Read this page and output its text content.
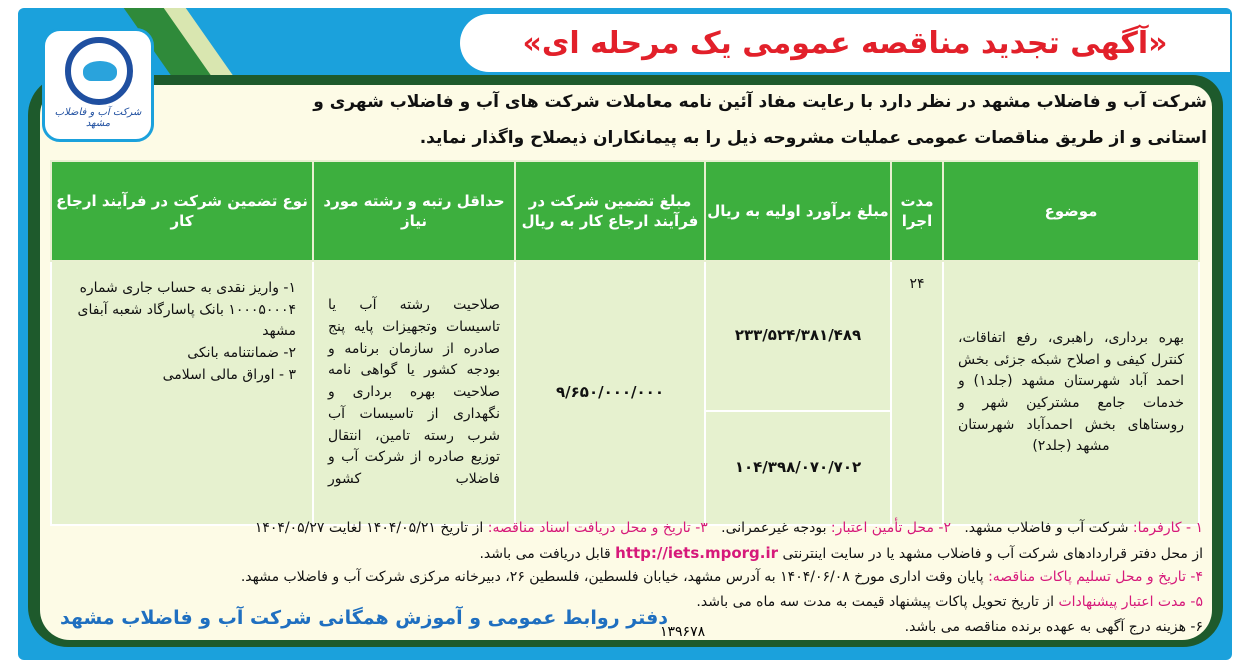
«آگهی تجدید مناقصه عمومی یک مرحله ای»
شرکت آب و فاضلاب مشهد
شرکت آب و فاضلاب مشهد در نظر دارد با رعایت مفاد آئین نامه معاملات شرکت های آب و فاضلاب شهری و
استانی و از طریق مناقصات عمومی عملیات مشروحه ذیل را به پیمانکاران ذیصلاح واگذار نماید.
موضوع	مدت اجرا	مبلغ برآورد اولیه به ریال	مبلغ تضمین شرکت در فرآیند ارجاع کار به ریال	حداقل رتبه و رشته مورد نیاز	نوع تضمین شرکت در فرآیند ارجاع کار
بهره برداری، راهبری، رفع اتفاقات، کنترل کیفی و اصلاح شبکه جزئی بخش احمد آباد شهرستان مشهد (جلد۱) و خدمات جامع مشترکین شهر و روستاهای بخش احمدآباد شهرستان مشهد (جلد۲)	۲۴	۲۳۳/۵۲۴/۳۸۱/۴۸۹	۹/۶۵۰/۰۰۰/۰۰۰	صلاحیت رشته آب یا تاسیسات وتجهیزات پایه پنج صادره از سازمان برنامه و بودجه کشور یا گواهی نامه صلاحیت بهره برداری و نگهداری از تاسیسات آب شرب رسته تامین، انتقال توزیع صادره از شرکت آب و فاضلاب کشور	۱- واریز نقدی به حساب جاری شماره ۱۰۰۰۵۰۰۰۴ بانک پاسارگاد شعبه آبفای مشهد
۲- ضمانتنامه بانکی
۳ - اوراق مالی اسلامی

		۱۰۴/۳۹۸/۰۷۰/۷۰۲			
۱ - کارفرما: شرکت آب و فاضلاب مشهد.   ۲- محل تأمین اعتبار: بودجه غیرعمرانی.   ۳- تاریخ و محل دریافت اسناد مناقصه: از تاریخ ۱۴۰۴/۰۵/۲۱ لغایت ۱۴۰۴/۰۵/۲۷
از محل دفتر قراردادهای شرکت آب و فاضلاب مشهد یا در سایت اینترنتی http://iets.mporg.ir قابل دریافت می باشد.
۴- تاریخ و محل تسلیم پاکات مناقصه: پایان وقت اداری مورخ ۱۴۰۴/۰۶/۰۸ به آدرس مشهد، خیابان فلسطین، فلسطین ۲۶، دبیرخانه مرکزی شرکت آب و فاضلاب مشهد.
۵- مدت اعتبار پیشنهادات از تاریخ تحویل پاکات پیشنهاد قیمت به مدت سه ماه می باشد.
۶- هزینه درج آگهی به عهده برنده مناقصه می باشد.
دفتر روابط عمومی و آموزش همگانی شرکت آب و فاضلاب مشهد
۱۳۹۶۷۸
